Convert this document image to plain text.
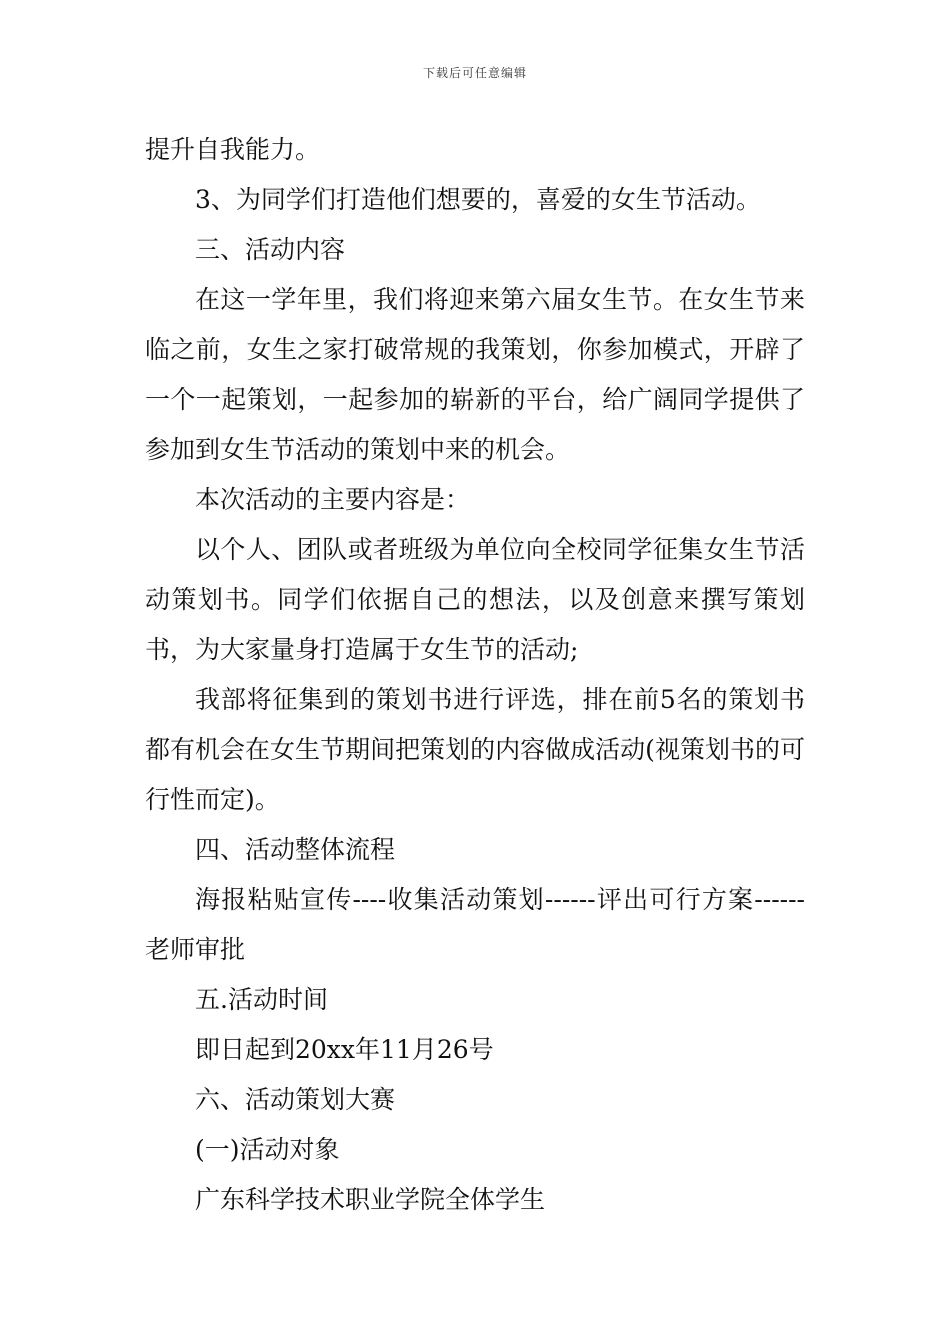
下载后可任意编辑

提升自我能力。

3、为同学们打造他们想要的，喜爱的女生节活动。

三、活动内容

在这一学年里，我们将迎来第六届女生节。在女生节来临之前，女生之家打破常规的我策划，你参加模式，开辟了一个一起策划，一起参加的崭新的平台，给广阔同学提供了参加到女生节活动的策划中来的机会。

本次活动的主要内容是：

以个人、团队或者班级为单位向全校同学征集女生节活动策划书。同学们依据自己的想法，以及创意来撰写策划书，为大家量身打造属于女生节的活动;

我部将征集到的策划书进行评选，排在前5名的策划书都有机会在女生节期间把策划的内容做成活动(视策划书的可行性而定)。

四、活动整体流程

海报粘贴宣传----收集活动策划------评出可行方案------老师审批

五.活动时间

即日起到20xx年11月26号

六、活动策划大赛

(一)活动对象

广东科学技术职业学院全体学生
